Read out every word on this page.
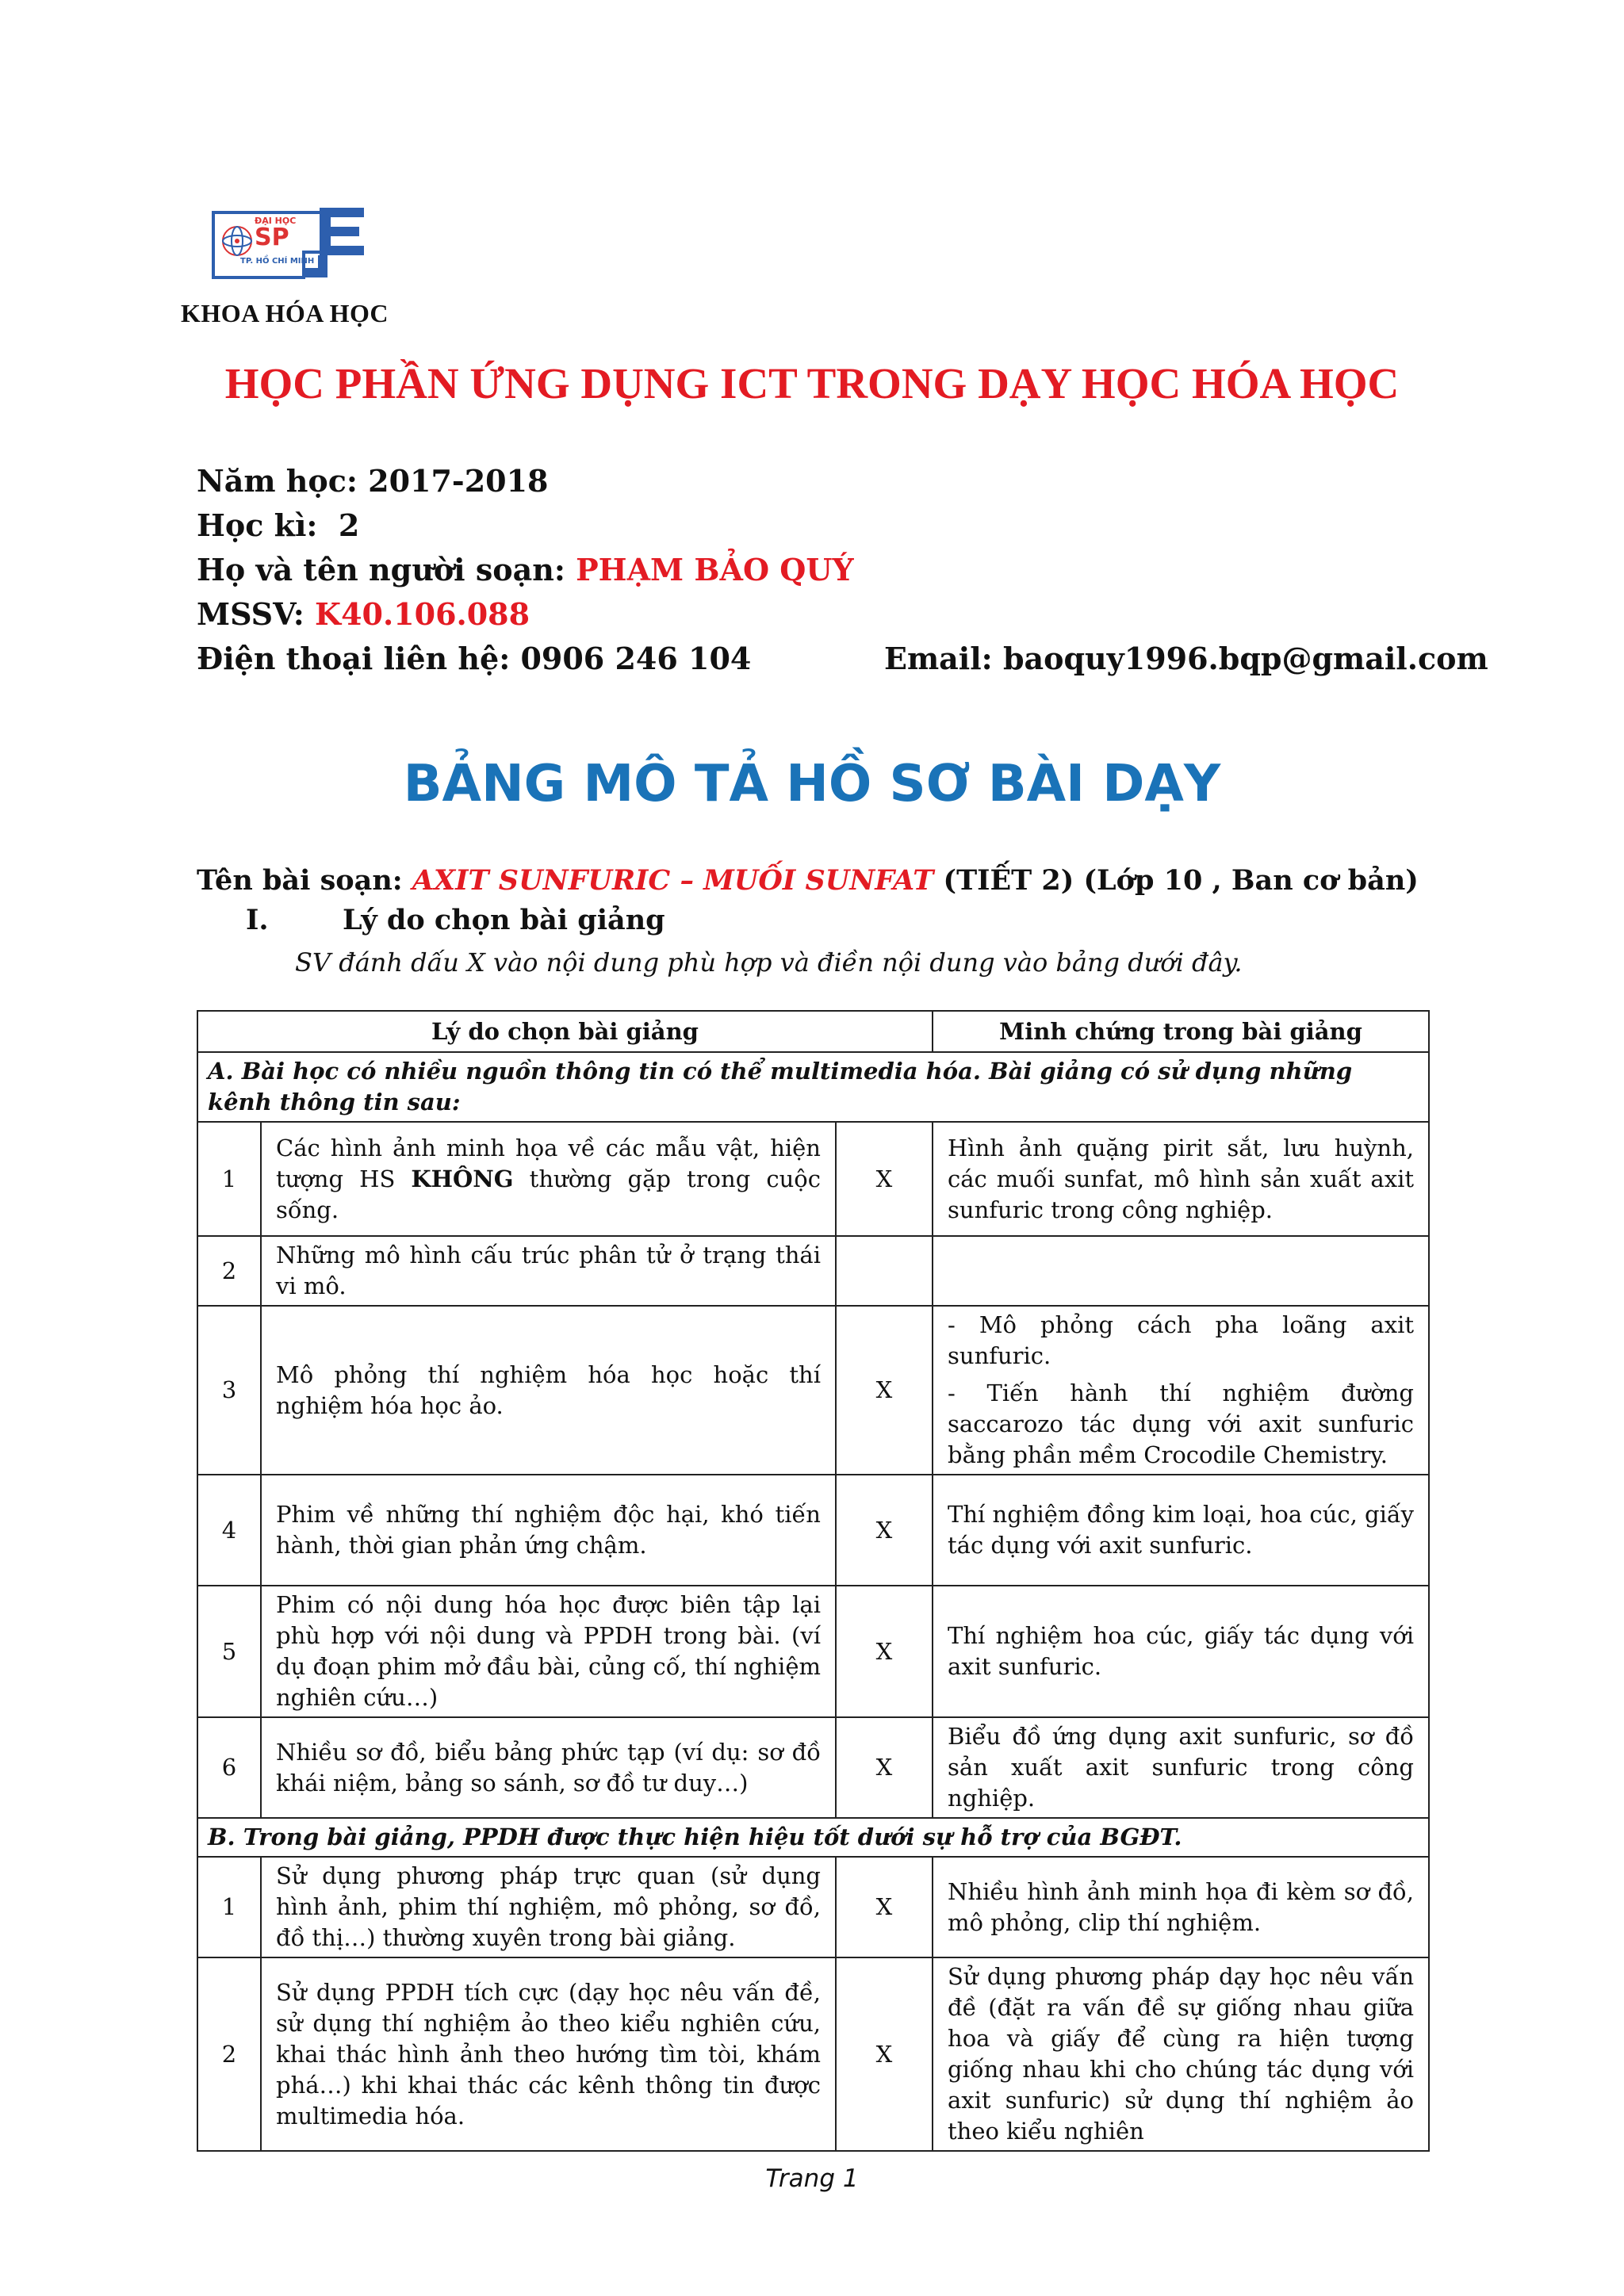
ĐẠI HỌC
SP
TP. HỒ CHÍ MINH
KHOA HÓA HỌC
HỌC PHẦN ỨNG DỤNG ICT TRONG DẠY HỌC HÓA HỌC
Năm học: 2017-2018
Học kì: 2
Họ và tên người soạn: PHẠM BẢO QUÝ
MSSV: K40.106.088
Điện thoại liên hệ: 0906 246 104	Email: baoquy1996.bqp@gmail.com
BẢNG MÔ TẢ HỒ SƠ BÀI DẠY
Tên bài soạn: AXIT SUNFURIC – MUỐI SUNFAT (TIẾT 2) (Lớp 10 , Ban cơ bản)
I.	Lý do chọn bài giảng
SV đánh dấu X vào nội dung phù hợp và điền nội dung vào bảng dưới đây.
Lý do chọn bài giảng			Minh chứng trong bài giảng
A. Bài học có nhiều nguồn thông tin có thể multimedia hóa. Bài giảng có sử dụng những kênh thông tin sau:			
1	Các hình ảnh minh họa về các mẫu vật, hiện tượng HS KHÔNG thường gặp trong cuộc sống.	X	Hình ảnh quặng pirit sắt, lưu huỳnh, các muối sunfat, mô hình sản xuất axit sunfuric trong công nghiệp.

2	Những mô hình cấu trúc phân tử ở trạng thái vi mô.		
3	Mô phỏng thí nghiệm hóa học hoặc thí nghiệm hóa học ảo.	X	- Mô phỏng cách pha loãng axit sunfuric.

- Tiến hành thí nghiệm đường saccarozo tác dụng với axit sunfuric bằng phần mềm Crocodile Chemistry.

4	Phim về những thí nghiệm độc hại, khó tiến hành, thời gian phản ứng chậm.	X	Thí nghiệm đồng kim loại, hoa cúc, giấy tác dụng với axit sunfuric.
5	Phim có nội dung hóa học được biên tập lại phù hợp với nội dung và PPDH trong bài. (ví dụ đoạn phim mở đầu bài, củng cố, thí nghiệm nghiên cứu…)	X	Thí nghiệm hoa cúc, giấy tác dụng với axit sunfuric.
6	Nhiều sơ đồ, biểu bảng phức tạp (ví dụ: sơ đồ khái niệm, bảng so sánh, sơ đồ tư duy…)	X	Biểu đồ ứng dụng axit sunfuric, sơ đồ sản xuất axit sunfuric trong công nghiệp.
B. Trong bài giảng, PPDH được thực hiện hiệu tốt dưới sự hỗ trợ của BGĐT.			
1	Sử dụng phương pháp trực quan (sử dụng hình ảnh, phim thí nghiệm, mô phỏng, sơ đồ, đồ thị…) thường xuyên trong bài giảng.	X	Nhiều hình ảnh minh họa đi kèm sơ đồ, mô phỏng, clip thí nghiệm.
2	Sử dụng PPDH tích cực (dạy học nêu vấn đề, sử dụng thí nghiệm ảo theo kiểu nghiên cứu, khai thác hình ảnh theo hướng tìm tòi, khám phá…) khi khai thác các kênh thông tin được multimedia hóa.	X	Sử dụng phương pháp dạy học nêu vấn đề (đặt ra vấn đề sự giống nhau giữa hoa và giấy để cùng ra hiện tượng giống nhau khi cho chúng tác dụng với axit sunfuric) sử dụng thí nghiệm ảo theo kiểu nghiên
Trang 1
